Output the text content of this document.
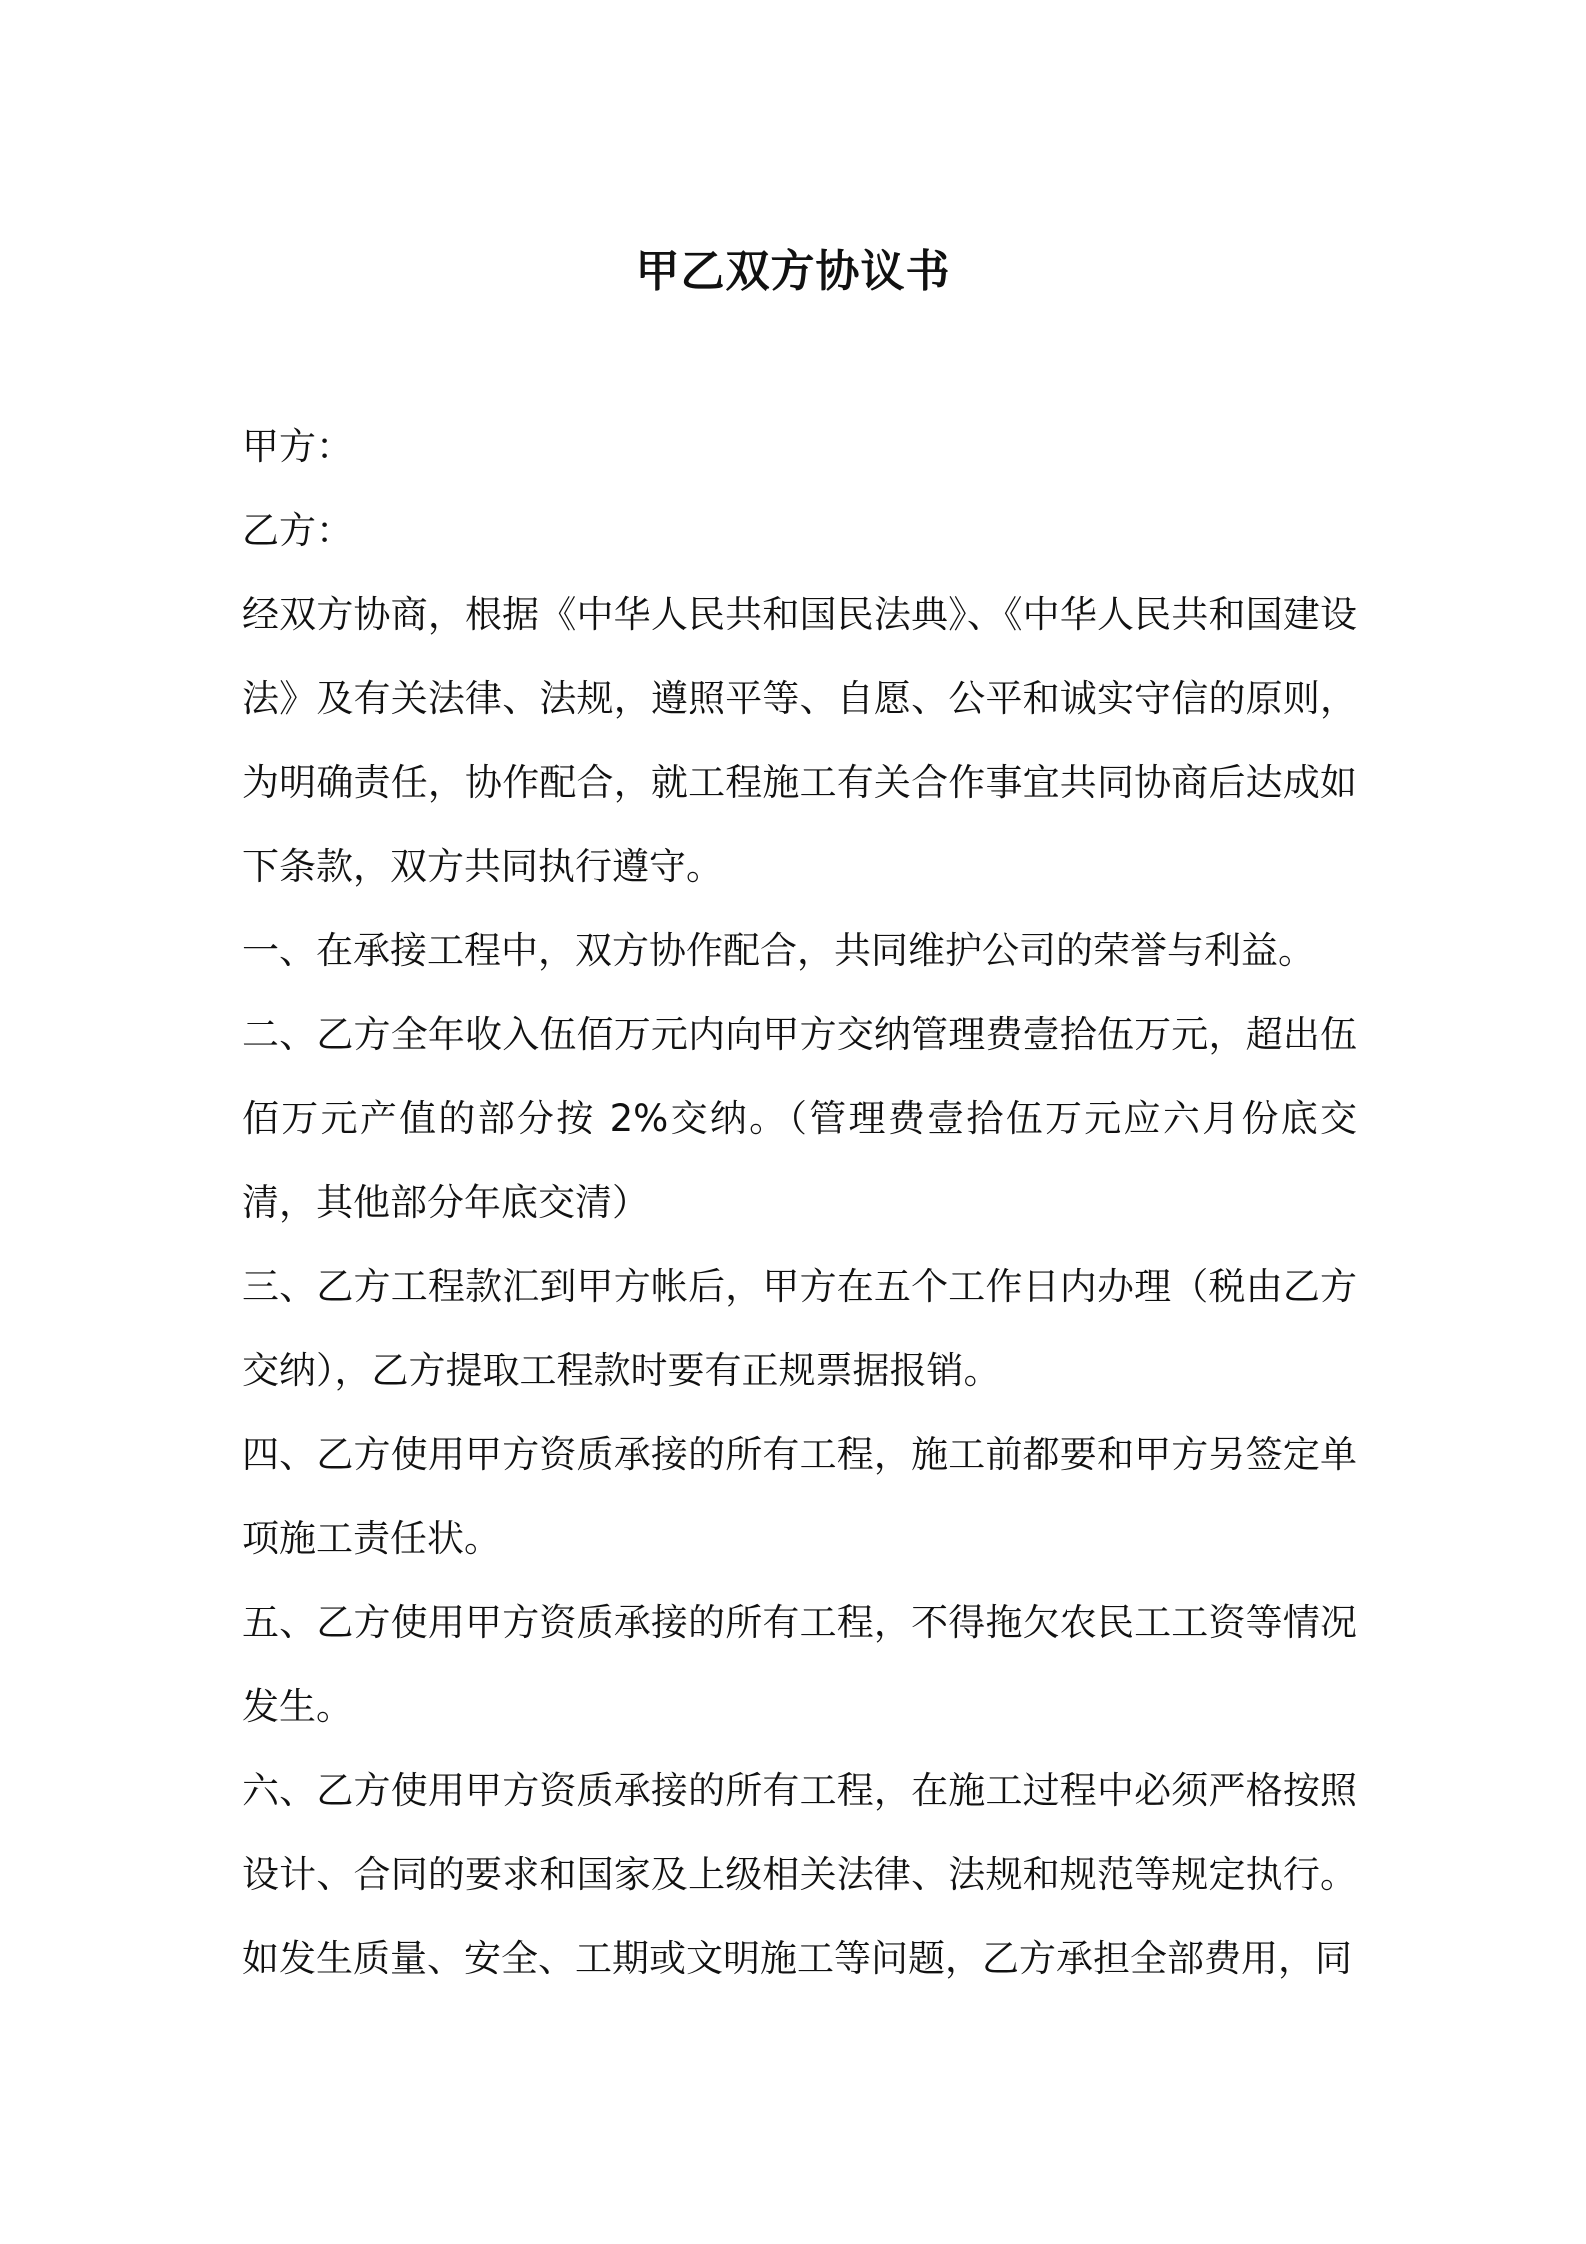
甲乙双方协议书

甲方：

乙方：

经双方协商，根据《中华人民共和国民法典》、《中华人民共和国建设法》及有关法律、法规，遵照平等、自愿、公平和诚实守信的原则，为明确责任，协作配合，就工程施工有关合作事宜共同协商后达成如下条款，双方共同执行遵守。

一、在承接工程中，双方协作配合，共同维护公司的荣誉与利益。

二、乙方全年收入伍佰万元内向甲方交纳管理费壹拾伍万元，超出伍佰万元产值的部分按 2%交纳。（管理费壹拾伍万元应六月份底交清，其他部分年底交清）

三、乙方工程款汇到甲方帐后，甲方在五个工作日内办理（税由乙方交纳），乙方提取工程款时要有正规票据报销。

四、乙方使用甲方资质承接的所有工程，施工前都要和甲方另签定单项施工责任状。

五、乙方使用甲方资质承接的所有工程，不得拖欠农民工工资等情况发生。

六、乙方使用甲方资质承接的所有工程，在施工过程中必须严格按照设计、合同的要求和国家及上级相关法律、法规和规范等规定执行。如发生质量、安全、工期或文明施工等问题，乙方承担全部费用，同
